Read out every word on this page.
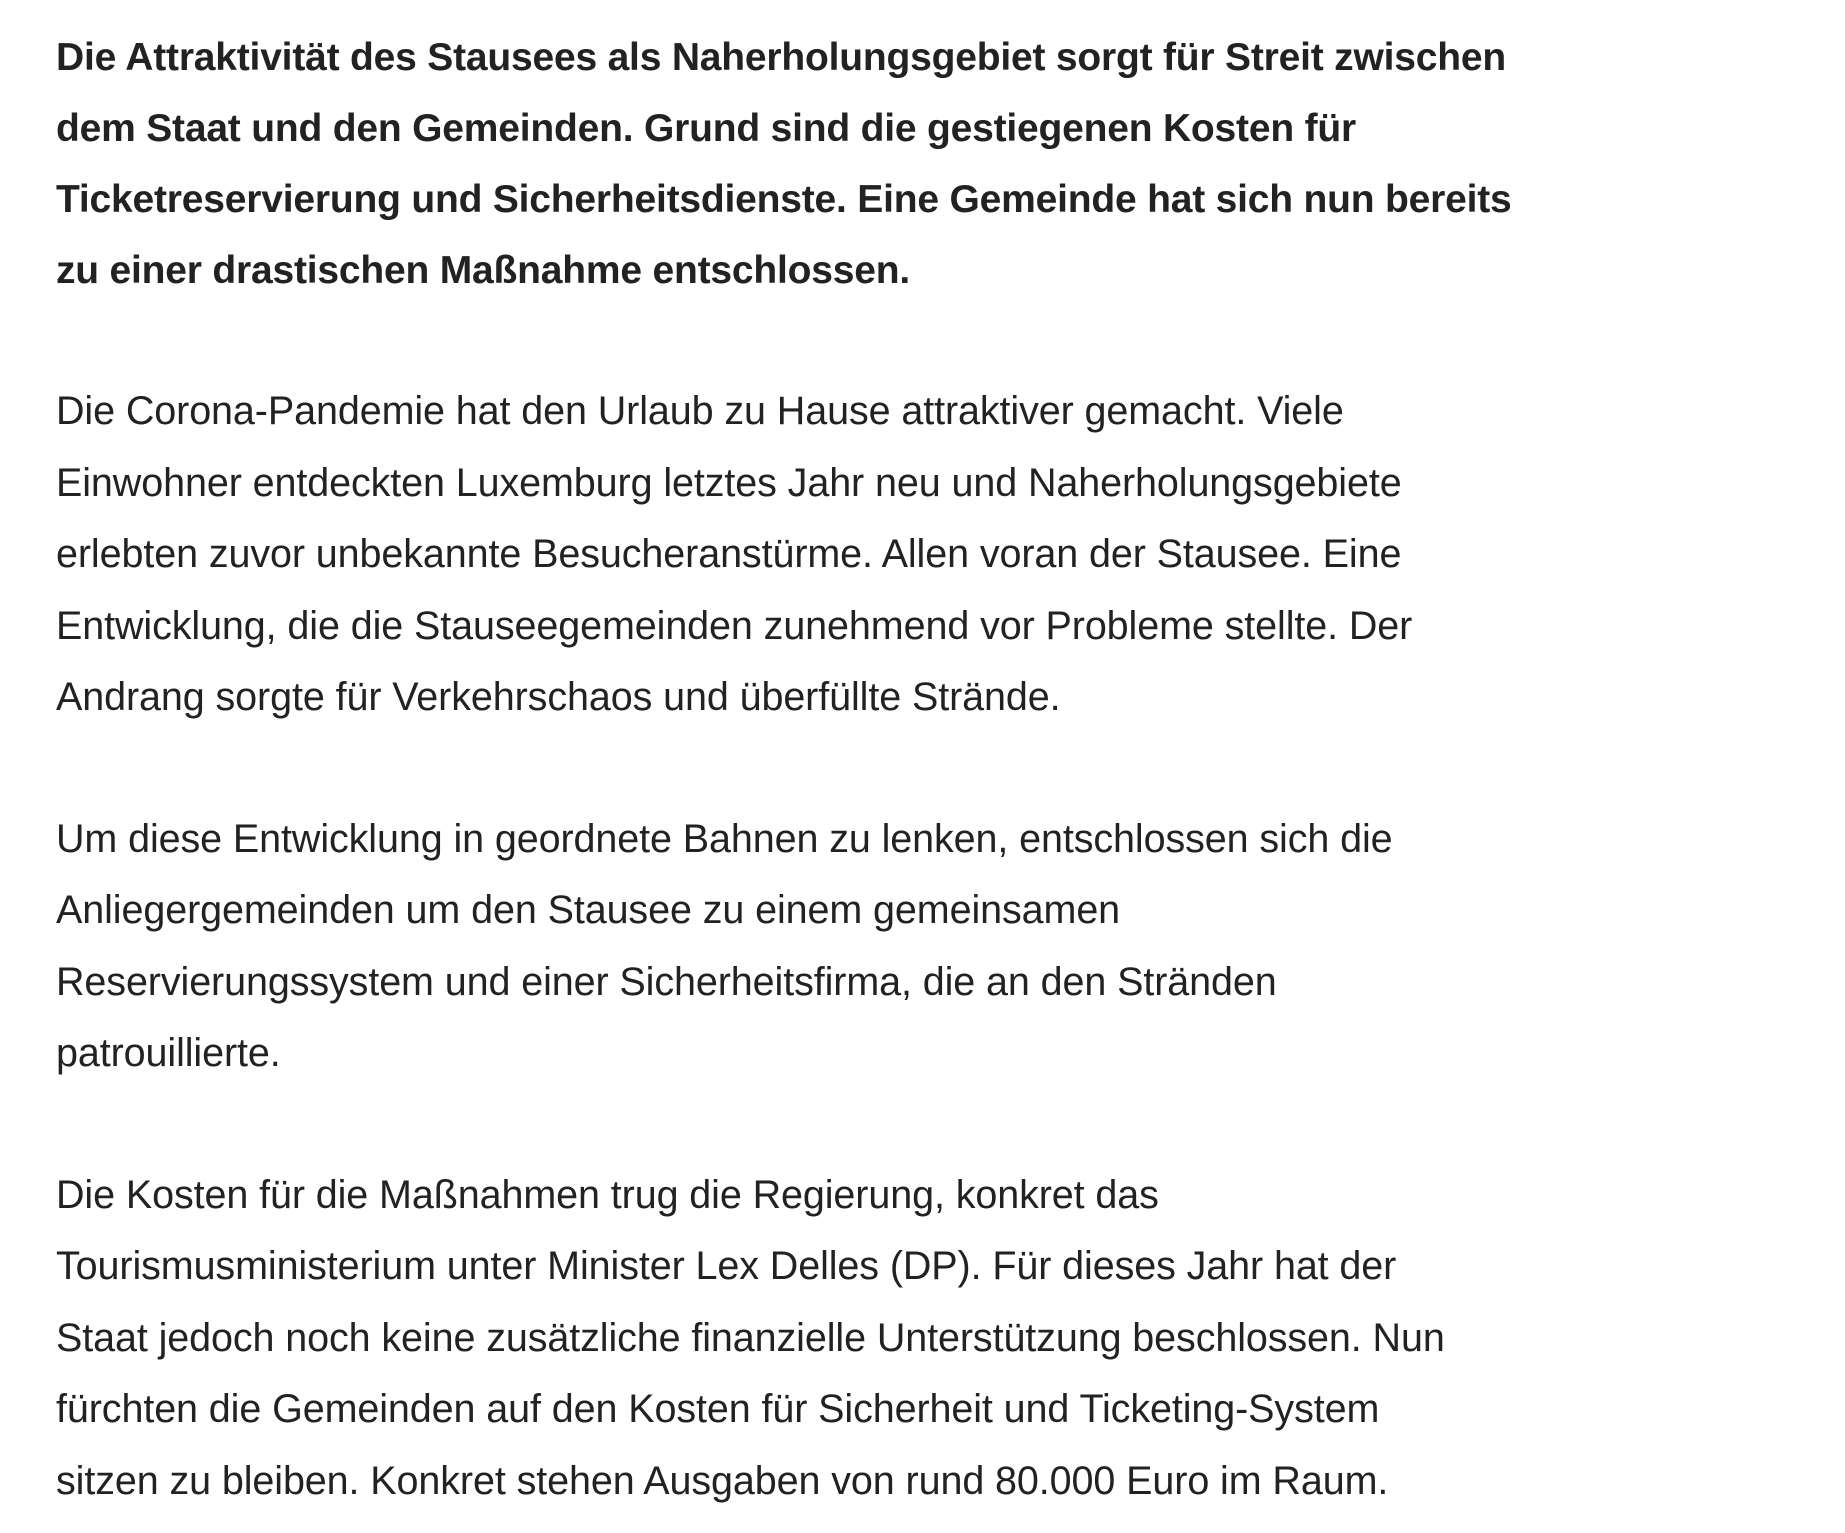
Die Attraktivität des Stausees als Naherholungsgebiet sorgt für Streit zwischen
dem Staat und den Gemeinden. Grund sind die gestiegenen Kosten für
Ticketreservierung und Sicherheitsdienste. Eine Gemeinde hat sich nun bereits
zu einer drastischen Maßnahme entschlossen.

Die Corona-Pandemie hat den Urlaub zu Hause attraktiver gemacht. Viele
Einwohner entdeckten Luxemburg letztes Jahr neu und Naherholungsgebiete
erlebten zuvor unbekannte Besucheranstürme. Allen voran der Stausee. Eine
Entwicklung, die die Stauseegemeinden zunehmend vor Probleme stellte. Der
Andrang sorgte für Verkehrschaos und überfüllte Strände.

Um diese Entwicklung in geordnete Bahnen zu lenken, entschlossen sich die
Anliegergemeinden um den Stausee zu einem gemeinsamen
Reservierungssystem und einer Sicherheitsfirma, die an den Stränden
patrouillierte.

Die Kosten für die Maßnahmen trug die Regierung, konkret das
Tourismusministerium unter Minister Lex Delles (DP). Für dieses Jahr hat der
Staat jedoch noch keine zusätzliche finanzielle Unterstützung beschlossen. Nun
fürchten die Gemeinden auf den Kosten für Sicherheit und Ticketing-System
sitzen zu bleiben. Konkret stehen Ausgaben von rund 80.000 Euro im Raum.
